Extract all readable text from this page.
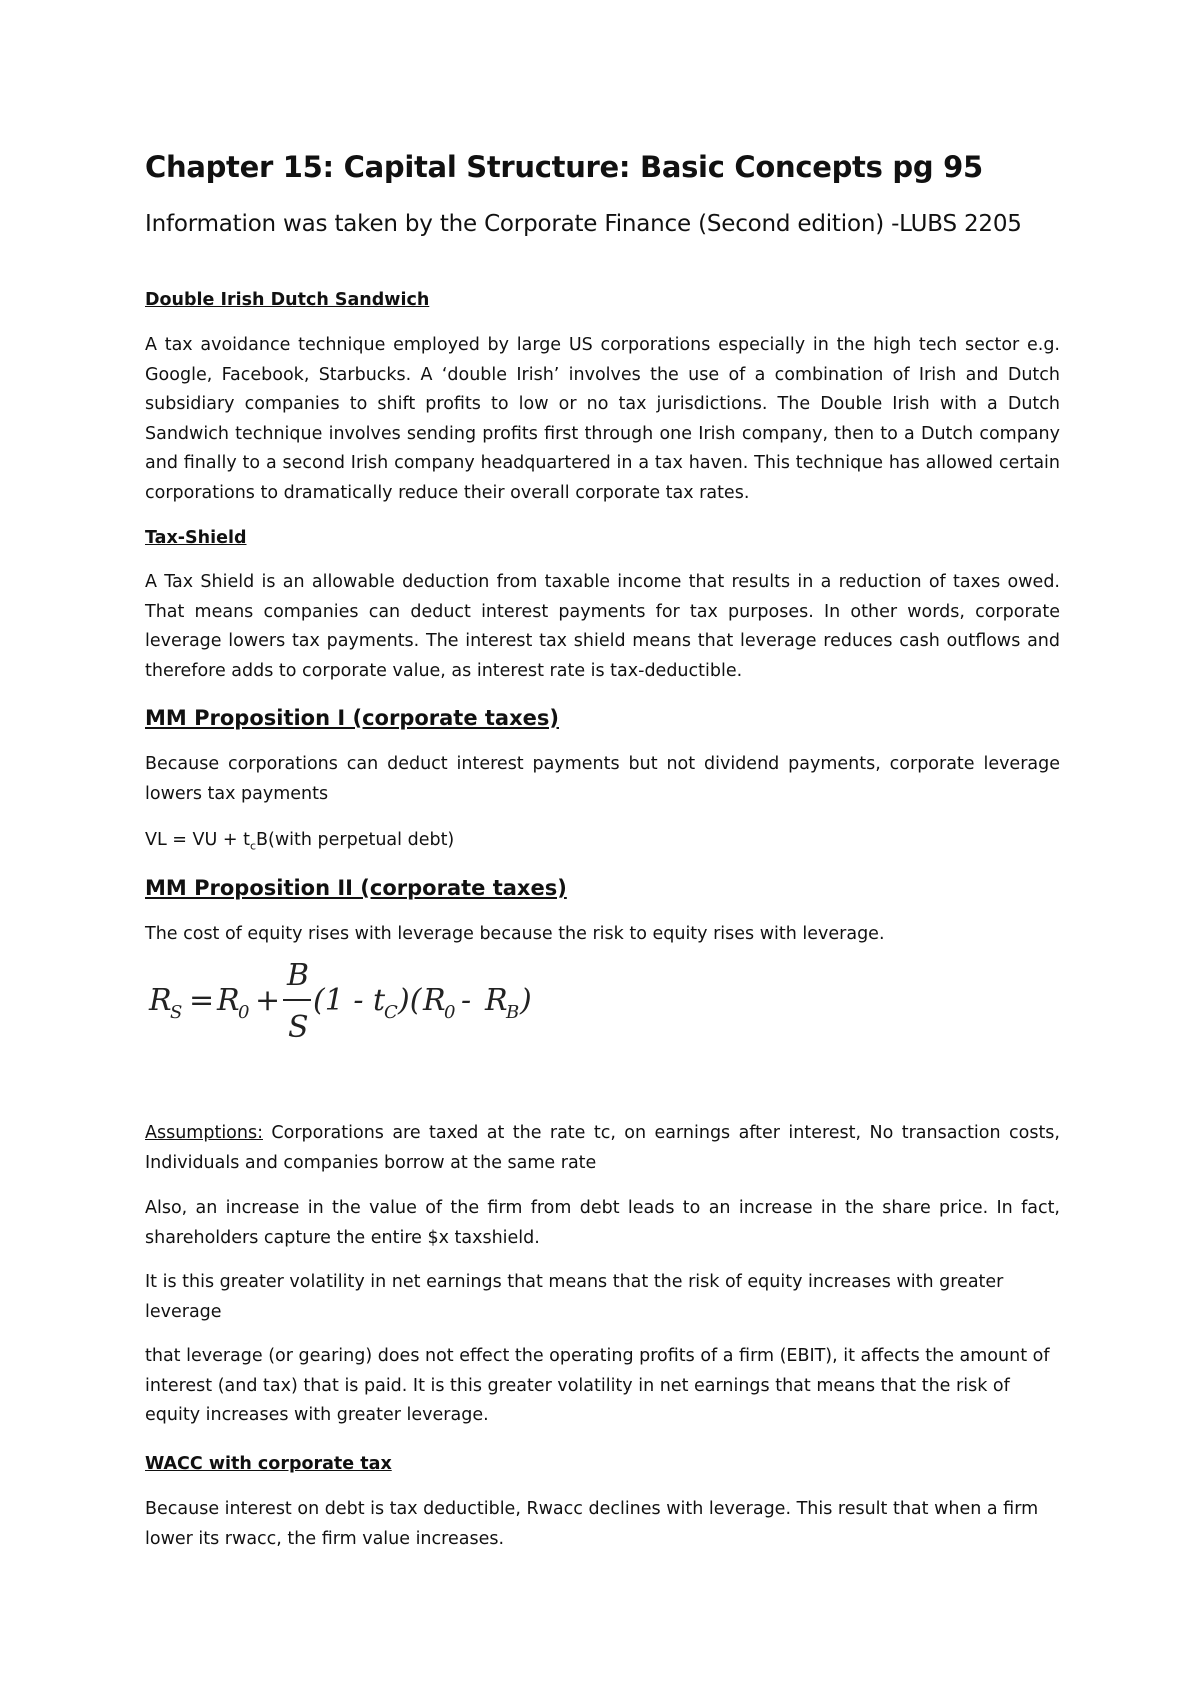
Chapter 15: Capital Structure: Basic Concepts pg 95
Information was taken by the Corporate Finance (Second edition) -LUBS 2205
Double Irish Dutch Sandwich
A tax avoidance technique employed by large US corporations especially in the high tech sector e.g. Google, Facebook, Starbucks. A ‘double Irish’ involves the use of a combination of Irish and Dutch subsidiary companies to shift profits to low or no tax jurisdictions. The Double Irish with a Dutch Sandwich technique involves sending profits first through one Irish company, then to a Dutch company and finally to a second Irish company headquartered in a tax haven. This technique has allowed certain corporations to dramatically reduce their overall corporate tax rates.
Tax-Shield
A Tax Shield is an allowable deduction from taxable income that results in a reduction of taxes owed. That means companies can deduct interest payments for tax purposes. In other words, corporate leverage lowers tax payments. The interest tax shield means that leverage reduces cash outflows and therefore adds to corporate value, as interest rate is tax-deductible.
MM Proposition I (corporate taxes)
Because corporations can deduct interest payments but not dividend payments, corporate leverage lowers tax payments
VL = VU + $t_cB(with$ perpetual debt)
MM Proposition II (corporate taxes)
The cost of equity rises with leverage because the risk to equity rises with leverage.
R
S = R
0 +
B
S
(1 - t
C )( R
0 - R
B )
Assumptions: Corporations are taxed at the rate tc, on earnings after interest, No transaction costs, Individuals and companies borrow at the same rate
Also, an increase in the value of the firm from debt leads to an increase in the share price. In fact, shareholders capture the entire $x taxshield.
It is this greater volatility in net earnings that means that the risk of equity increases with greater leverage
that leverage (or gearing) does not effect the operating profits of a firm (EBIT), it affects the amount of interest (and tax) that is paid. It is this greater volatility in net earnings that means that the risk of equity increases with greater leverage.
WACC with corporate tax
Because interest on debt is tax deductible, Rwacc declines with leverage. This result that when a firm lower its rwacc, the firm value increases.
